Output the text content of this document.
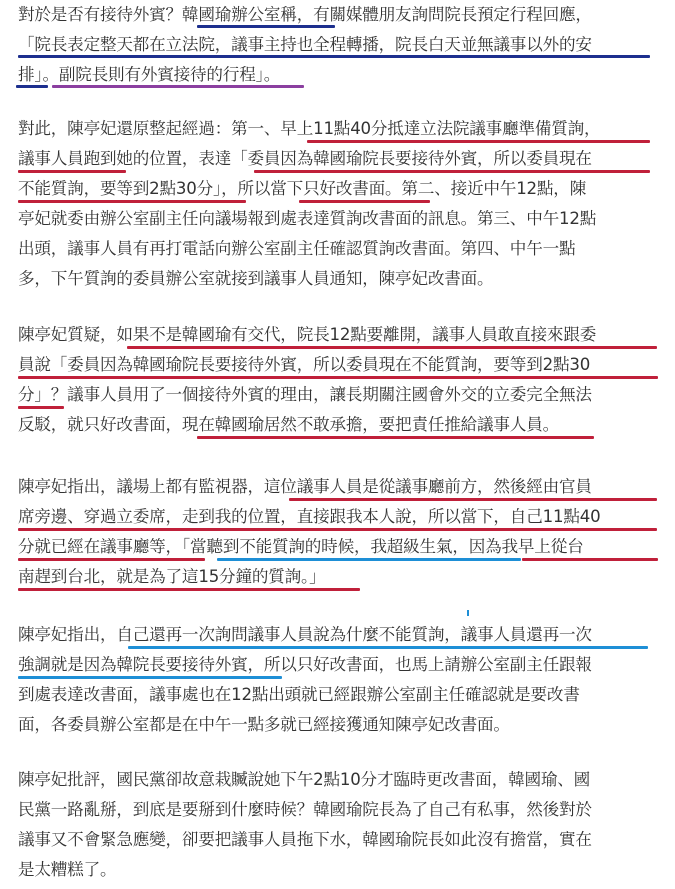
對於是否有接待外賓？韓國瑜辦公室稱，有關媒體朋友詢問院長預定行程回應，
「院長表定整天都在立法院，議事主持也全程轉播，院長白天並無議事以外的安
排」。副院長則有外賓接待的行程」。
對此，陳亭妃還原整起經過：第一、早上11點40分抵達立法院議事廳準備質詢，
議事人員跑到她的位置，表達「委員因為韓國瑜院長要接待外賓，所以委員現在
不能質詢，要等到2點30分」，所以當下只好改書面。第二、接近中午12點，陳
亭妃就委由辦公室副主任向議場報到處表達質詢改書面的訊息。第三、中午12點
出頭，議事人員有再打電話向辦公室副主任確認質詢改書面。第四、中午一點
多，下午質詢的委員辦公室就接到議事人員通知，陳亭妃改書面。
陳亭妃質疑，如果不是韓國瑜有交代，院長12點要離開，議事人員敢直接來跟委
員說「委員因為韓國瑜院長要接待外賓，所以委員現在不能質詢，要等到2點30
分」？議事人員用了一個接待外賓的理由，讓長期關注國會外交的立委完全無法
反駁，就只好改書面，現在韓國瑜居然不敢承擔，要把責任推給議事人員。
陳亭妃指出，議場上都有監視器，這位議事人員是從議事廳前方，然後經由官員
席旁邊、穿過立委席，走到我的位置，直接跟我本人說，所以當下，自己11點40
分就已經在議事廳等，「當聽到不能質詢的時候，我超級生氣，因為我早上從台
南趕到台北，就是為了這15分鐘的質詢。」
陳亭妃指出，自己還再一次詢問議事人員說為什麼不能質詢，議事人員還再一次
強調就是因為韓院長要接待外賓，所以只好改書面，也馬上請辦公室副主任跟報
到處表達改書面，議事處也在12點出頭就已經跟辦公室副主任確認就是要改書
面，各委員辦公室都是在中午一點多就已經接獲通知陳亭妃改書面。
陳亭妃批評，國民黨卻故意栽贓說她下午2點10分才臨時更改書面，韓國瑜、國
民黨一路亂掰，到底是要掰到什麼時候？韓國瑜院長為了自己有私事，然後對於
議事又不會緊急應變，卻要把議事人員拖下水，韓國瑜院長如此沒有擔當，實在
是太糟糕了。
